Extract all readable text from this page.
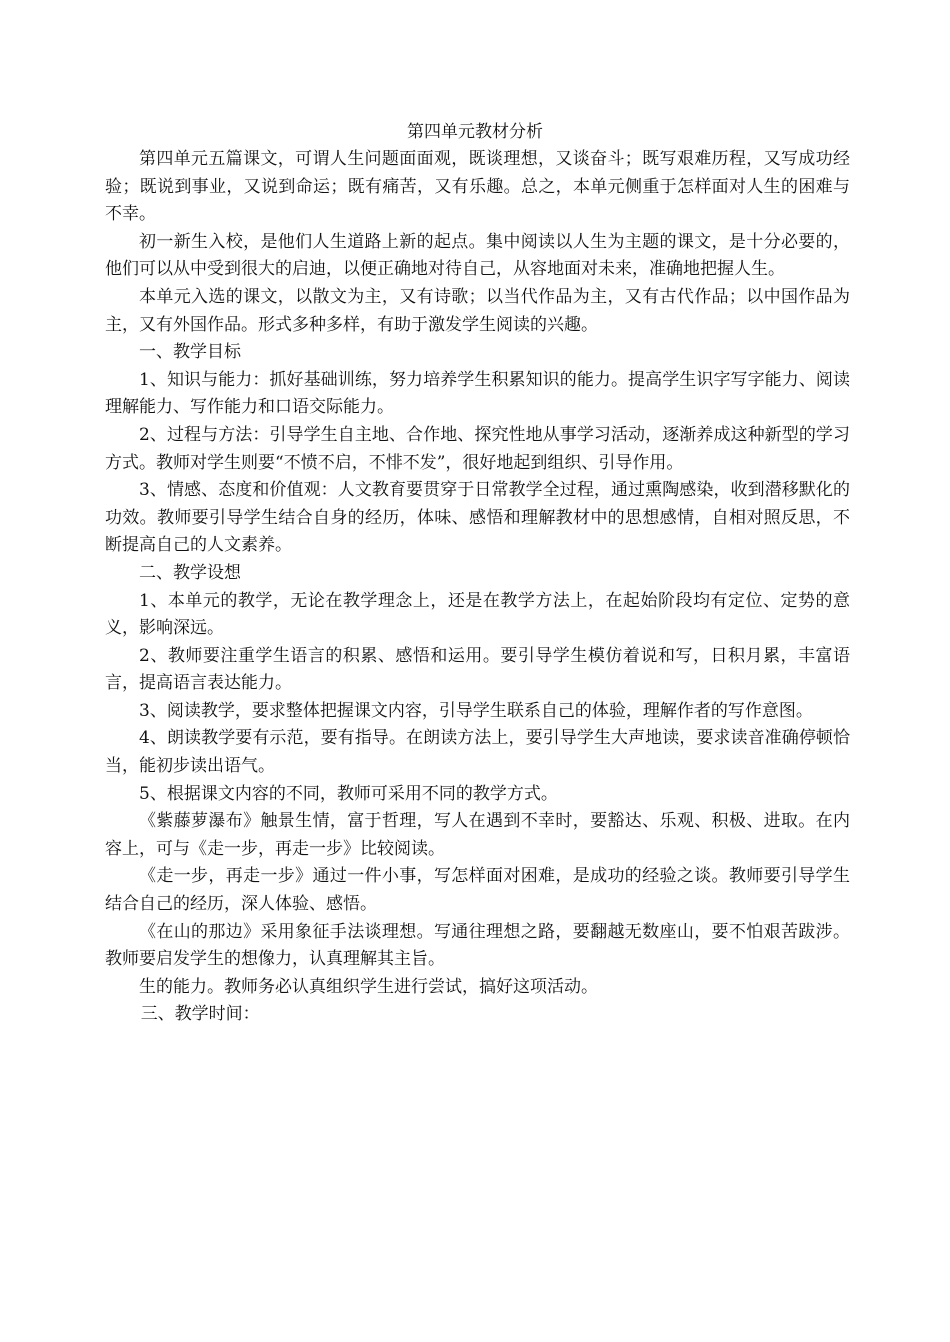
第四单元教材分析

第四单元五篇课文，可谓人生问题面面观，既谈理想，又谈奋斗；既写艰难历程，又写成功经验；既说到事业，又说到命运；既有痛苦，又有乐趣。总之，本单元侧重于怎样面对人生的困难与不幸。

初一新生入校，是他们人生道路上新的起点。集中阅读以人生为主题的课文，是十分必要的，他们可以从中受到很大的启迪，以便正确地对待自己，从容地面对未来，准确地把握人生。

本单元入选的课文，以散文为主，又有诗歌；以当代作品为主，又有古代作品；以中国作品为主，又有外国作品。形式多种多样，有助于激发学生阅读的兴趣。

一、教学目标

1、知识与能力：抓好基础训练，努力培养学生积累知识的能力。提高学生识字写字能力、阅读理解能力、写作能力和口语交际能力。

2、过程与方法：引导学生自主地、合作地、探究性地从事学习活动，逐渐养成这种新型的学习方式。教师对学生则要“不愤不启，不悱不发”，很好地起到组织、引导作用。

3、情感、态度和价值观：人文教育要贯穿于日常教学全过程，通过熏陶感染，收到潜移默化的功效。教师要引导学生结合自身的经历，体味、感悟和理解教材中的思想感情，自相对照反思，不断提高自己的人文素养。

二、教学设想

1、本单元的教学，无论在教学理念上，还是在教学方法上，在起始阶段均有定位、定势的意义，影响深远。

2、教师要注重学生语言的积累、感悟和运用。要引导学生模仿着说和写，日积月累，丰富语言，提高语言表达能力。

3、阅读教学，要求整体把握课文内容，引导学生联系自己的体验，理解作者的写作意图。

4、朗读教学要有示范，要有指导。在朗读方法上，要引导学生大声地读，要求读音准确停顿恰当，能初步读出语气。

5、根据课文内容的不同，教师可采用不同的教学方式。

《紫藤萝瀑布》触景生情，富于哲理，写人在遇到不幸时，要豁达、乐观、积极、进取。在内容上，可与《走一步，再走一步》比较阅读。

《走一步，再走一步》通过一件小事，写怎样面对困难，是成功的经验之谈。教师要引导学生结合自己的经历，深人体验、感悟。

《在山的那边》采用象征手法谈理想。写通往理想之路，要翻越无数座山，要不怕艰苦跋涉。教师要启发学生的想像力，认真理解其主旨。

生的能力。教师务必认真组织学生进行尝试，搞好这项活动。

三、教学时间：
